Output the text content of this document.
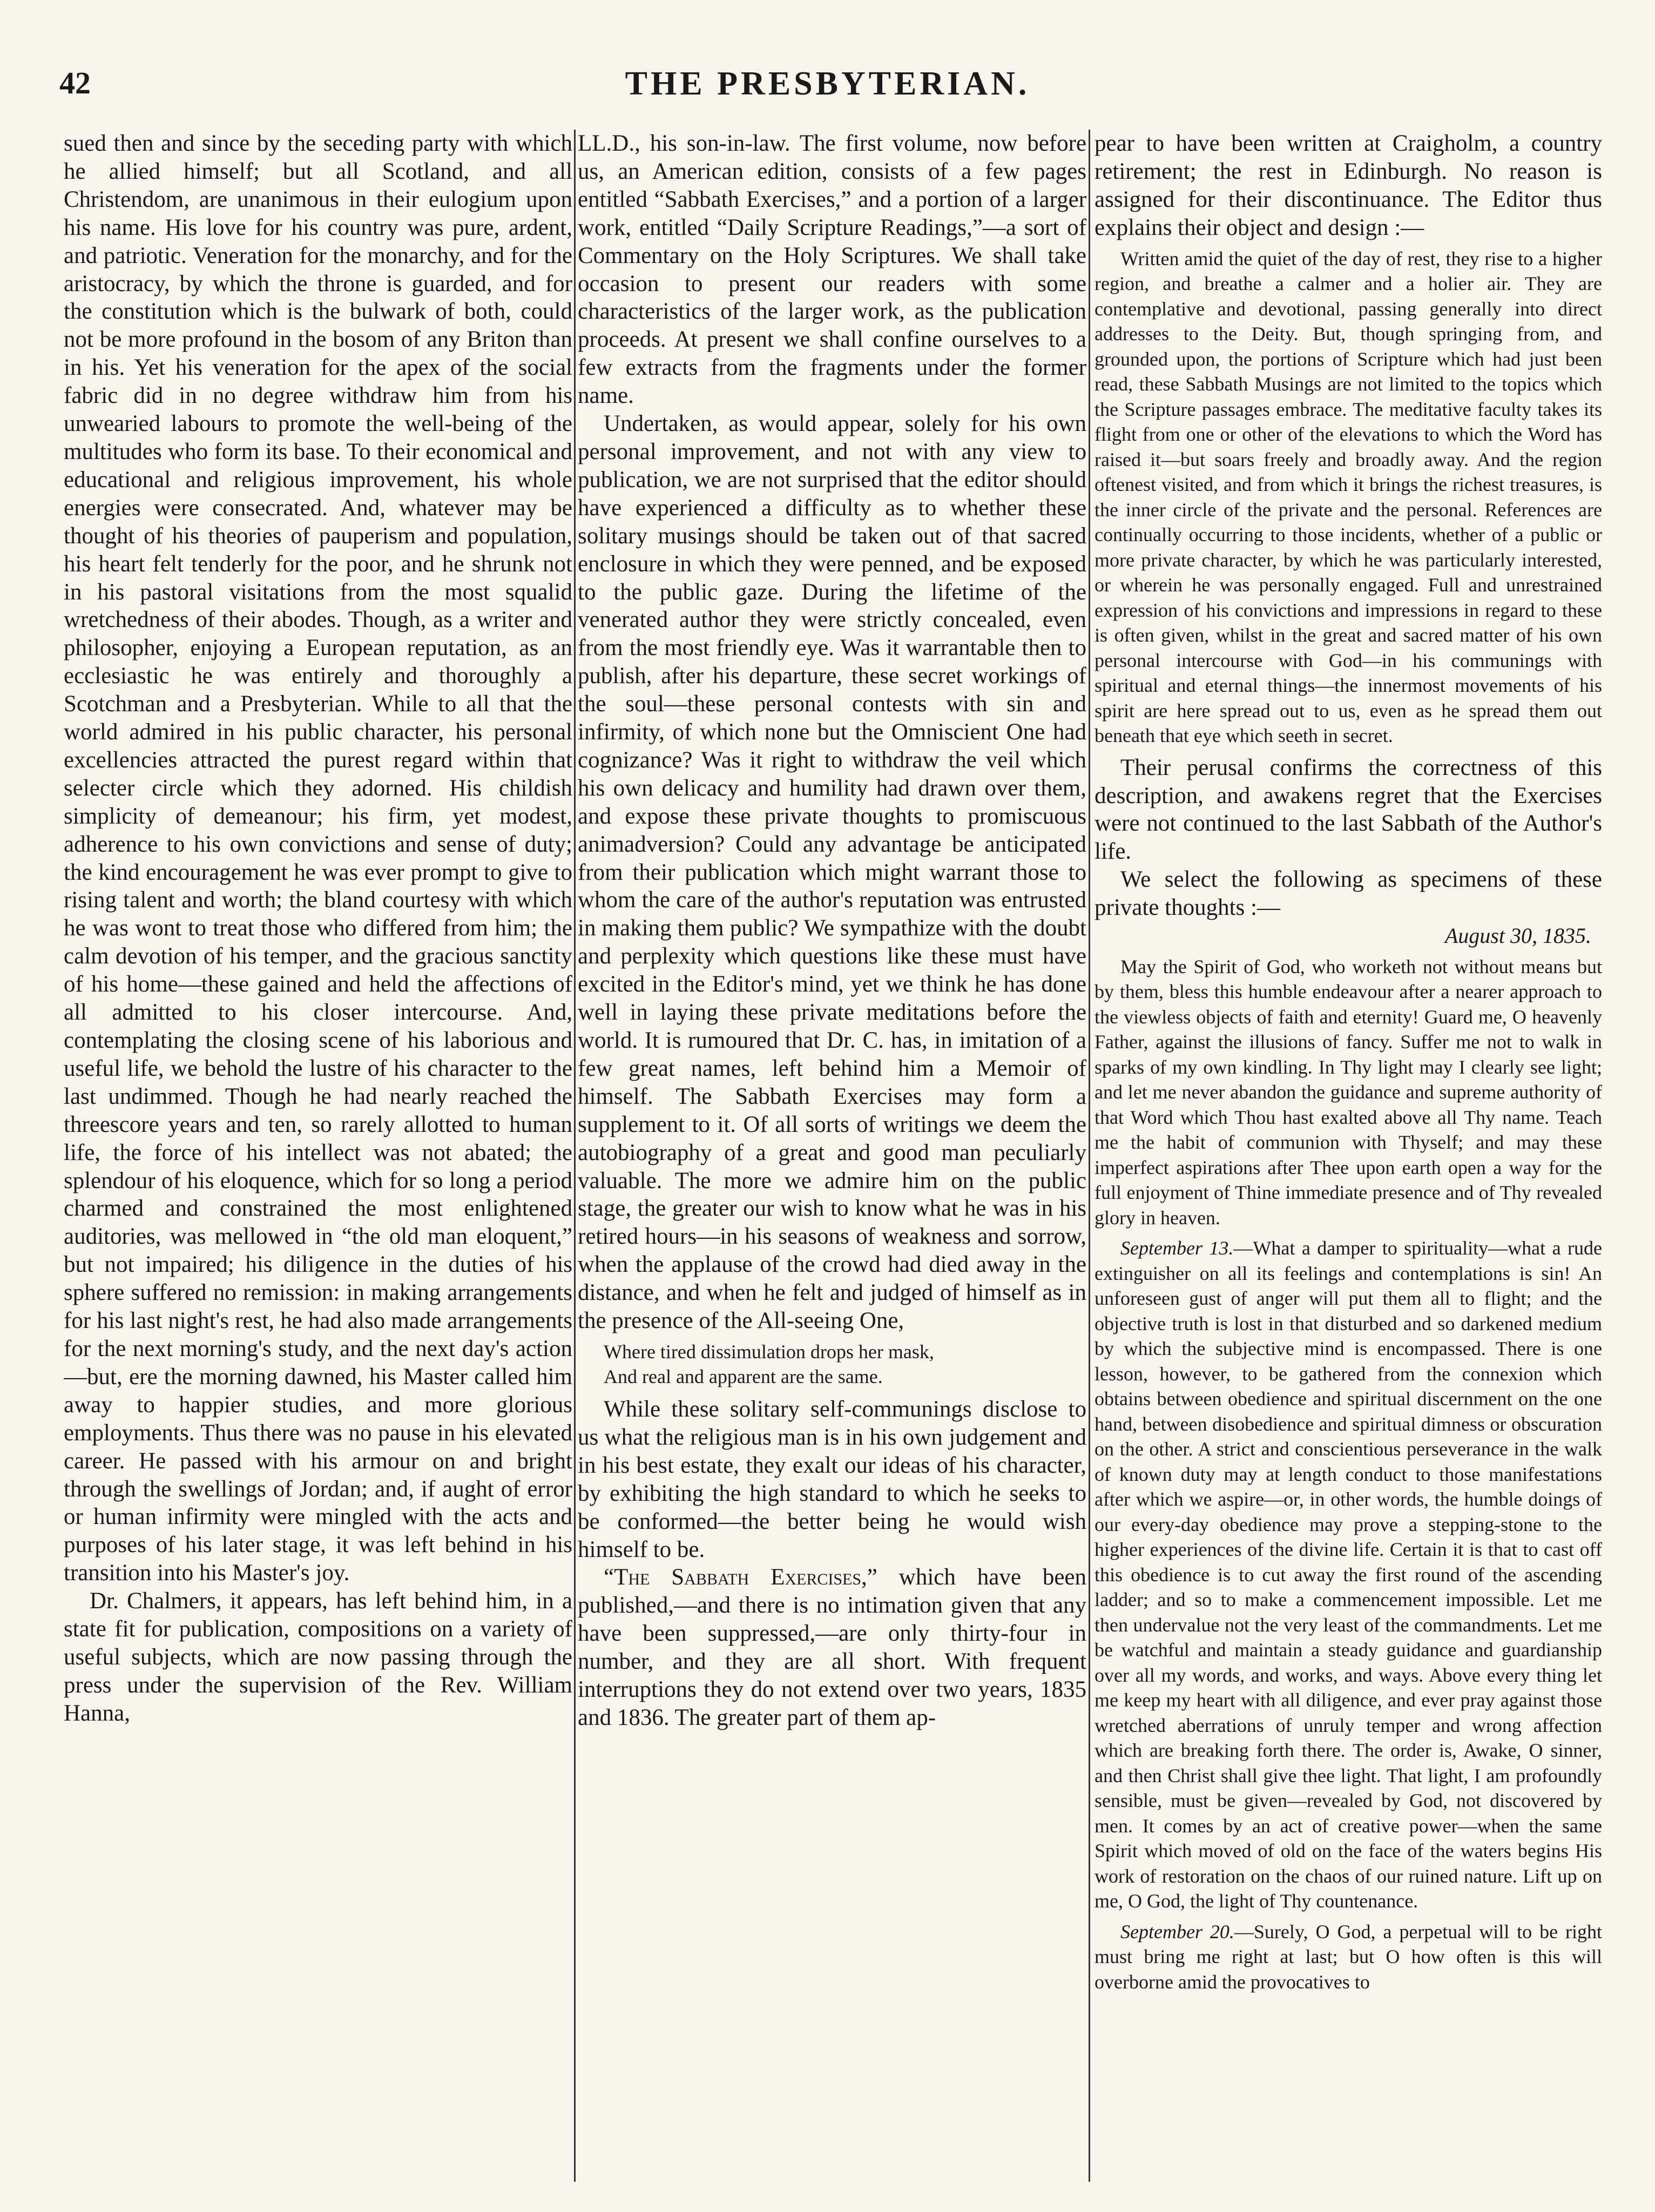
42	THE PRESBYTERIAN.

sued then and since by the seceding party with which he allied himself; but all Scotland, and all Christendom, are unanimous in their eulogium upon his name. His love for his country was pure, ardent, and patriotic. Veneration for the monarchy, and for the aristocracy, by which the throne is guarded, and for the constitution which is the bulwark of both, could not be more profound in the bosom of any Briton than in his. Yet his veneration for the apex of the social fabric did in no degree withdraw him from his unwearied labours to promote the well-being of the multitudes who form its base. To their economical and educational and religious improvement, his whole energies were consecrated. And, whatever may be thought of his theories of pauperism and population, his heart felt tenderly for the poor, and he shrunk not in his pastoral visitations from the most squalid wretchedness of their abodes. Though, as a writer and philosopher, enjoying a European reputation, as an ecclesiastic he was entirely and thoroughly a Scotchman and a Presbyterian. While to all that the world admired in his public character, his personal excellencies attracted the purest regard within that selecter circle which they adorned. His childish simplicity of demeanour; his firm, yet modest, adherence to his own convictions and sense of duty; the kind encouragement he was ever prompt to give to rising talent and worth; the bland courtesy with which he was wont to treat those who differed from him; the calm devotion of his temper, and the gracious sanctity of his home—these gained and held the affections of all admitted to his closer intercourse. And, contemplating the closing scene of his laborious and useful life, we behold the lustre of his character to the last undimmed. Though he had nearly reached the threescore years and ten, so rarely allotted to human life, the force of his intellect was not abated; the splendour of his eloquence, which for so long a period charmed and constrained the most enlightened auditories, was mellowed in “the old man eloquent,” but not impaired; his diligence in the duties of his sphere suffered no remission: in making arrangements for his last night's rest, he had also made arrangements for the next morning's study, and the next day's action—but, ere the morning dawned, his Master called him away to happier studies, and more glorious employments. Thus there was no pause in his elevated career. He passed with his armour on and bright through the swellings of Jordan; and, if aught of error or human infirmity were mingled with the acts and purposes of his later stage, it was left behind in his transition into his Master's joy.

Dr. Chalmers, it appears, has left behind him, in a state fit for publication, compositions on a variety of useful subjects, which are now passing through the press under the supervision of the Rev. William Hanna,

LL.D., his son-in-law. The first volume, now before us, an American edition, consists of a few pages entitled “Sabbath Exercises,” and a portion of a larger work, entitled “Daily Scripture Readings,”—a sort of Commentary on the Holy Scriptures. We shall take occasion to present our readers with some characteristics of the larger work, as the publication proceeds. At present we shall confine ourselves to a few extracts from the fragments under the former name.

Undertaken, as would appear, solely for his own personal improvement, and not with any view to publication, we are not surprised that the editor should have experienced a difficulty as to whether these solitary musings should be taken out of that sacred enclosure in which they were penned, and be exposed to the public gaze. During the lifetime of the venerated author they were strictly concealed, even from the most friendly eye. Was it warrantable then to publish, after his departure, these secret workings of the soul—these personal contests with sin and infirmity, of which none but the Omniscient One had cognizance? Was it right to withdraw the veil which his own delicacy and humility had drawn over them, and expose these private thoughts to promiscuous animadversion? Could any advantage be anticipated from their publication which might warrant those to whom the care of the author's reputation was entrusted in making them public? We sympathize with the doubt and perplexity which questions like these must have excited in the Editor's mind, yet we think he has done well in laying these private meditations before the world. It is rumoured that Dr. C. has, in imitation of a few great names, left behind him a Memoir of himself. The Sabbath Exercises may form a supplement to it. Of all sorts of writings we deem the autobiography of a great and good man peculiarly valuable. The more we admire him on the public stage, the greater our wish to know what he was in his retired hours—in his seasons of weakness and sorrow, when the applause of the crowd had died away in the distance, and when he felt and judged of himself as in the presence of the All-seeing One,

Where tired dissimulation drops her mask,
And real and apparent are the same.

While these solitary self-communings disclose to us what the religious man is in his own judgement and in his best estate, they exalt our ideas of his character, by exhibiting the high standard to which he seeks to be conformed—the better being he would wish himself to be.

“The Sabbath Exercises,” which have been published,—and there is no intimation given that any have been suppressed,—are only thirty-four in number, and they are all short. With frequent interruptions they do not extend over two years, 1835 and 1836. The greater part of them ap-

pear to have been written at Craigholm, a country retirement; the rest in Edinburgh. No reason is assigned for their discontinuance. The Editor thus explains their object and design :—

Written amid the quiet of the day of rest, they rise to a higher region, and breathe a calmer and a holier air. They are contemplative and devotional, passing generally into direct addresses to the Deity. But, though springing from, and grounded upon, the portions of Scripture which had just been read, these Sabbath Musings are not limited to the topics which the Scripture passages embrace. The meditative faculty takes its flight from one or other of the elevations to which the Word has raised it—but soars freely and broadly away. And the region oftenest visited, and from which it brings the richest treasures, is the inner circle of the private and the personal. References are continually occurring to those incidents, whether of a public or more private character, by which he was particularly interested, or wherein he was personally engaged. Full and unrestrained expression of his convictions and impressions in regard to these is often given, whilst in the great and sacred matter of his own personal intercourse with God—in his communings with spiritual and eternal things—the innermost movements of his spirit are here spread out to us, even as he spread them out beneath that eye which seeth in secret.

Their perusal confirms the correctness of this description, and awakens regret that the Exercises were not continued to the last Sabbath of the Author's life.

We select the following as specimens of these private thoughts :—

August 30, 1835.

May the Spirit of God, who worketh not without means but by them, bless this humble endeavour after a nearer approach to the viewless objects of faith and eternity! Guard me, O heavenly Father, against the illusions of fancy. Suffer me not to walk in sparks of my own kindling. In Thy light may I clearly see light; and let me never abandon the guidance and supreme authority of that Word which Thou hast exalted above all Thy name. Teach me the habit of communion with Thyself; and may these imperfect aspirations after Thee upon earth open a way for the full enjoyment of Thine immediate presence and of Thy revealed glory in heaven.

September 13.—What a damper to spirituality—what a rude extinguisher on all its feelings and contemplations is sin! An unforeseen gust of anger will put them all to flight; and the objective truth is lost in that disturbed and so darkened medium by which the subjective mind is encompassed. There is one lesson, however, to be gathered from the connexion which obtains between obedience and spiritual discernment on the one hand, between disobedience and spiritual dimness or obscuration on the other. A strict and conscientious perseverance in the walk of known duty may at length conduct to those manifestations after which we aspire—or, in other words, the humble doings of our every-day obedience may prove a stepping-stone to the higher experiences of the divine life. Certain it is that to cast off this obedience is to cut away the first round of the ascending ladder; and so to make a commencement impossible. Let me then undervalue not the very least of the commandments. Let me be watchful and maintain a steady guidance and guardianship over all my words, and works, and ways. Above every thing let me keep my heart with all diligence, and ever pray against those wretched aberrations of unruly temper and wrong affection which are breaking forth there. The order is, Awake, O sinner, and then Christ shall give thee light. That light, I am profoundly sensible, must be given—revealed by God, not discovered by men. It comes by an act of creative power—when the same Spirit which moved of old on the face of the waters begins His work of restoration on the chaos of our ruined nature. Lift up on me, O God, the light of Thy countenance.

September 20.—Surely, O God, a perpetual will to be right must bring me right at last; but O how often is this will overborne amid the provocatives to
